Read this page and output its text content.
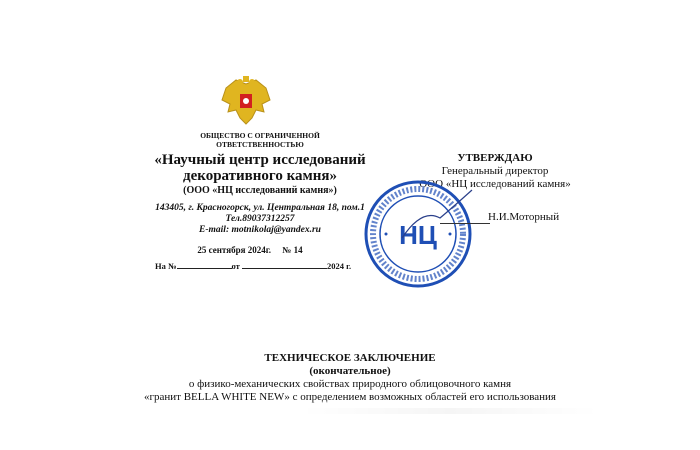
ОБЩЕСТВО С ОГРАНИЧЕННОЙ
ОТВЕТСТВЕННОСТЬЮ
«Научный центр исследований
декоративного камня»
(ООО «НЦ исследований камня»)
143405, г. Красногорск, ул. Центральная 18, пом.1
Тел.89037312257
E-mail: motnikolaj@yandex.ru
25 сентября 2024г. № 14
На №	от	2024 г.
УТВЕРЖДАЮ
Генеральный директор
ООО «НЦ исследований камня»
НЦ
Н.И.Моторный
ТЕХНИЧЕСКОЕ ЗАКЛЮЧЕНИЕ
(окончательное)
о физико-механических свойствах природного облицовочного камня
«гранит BELLA WHITE NEW» с определением возможных областей его использования
